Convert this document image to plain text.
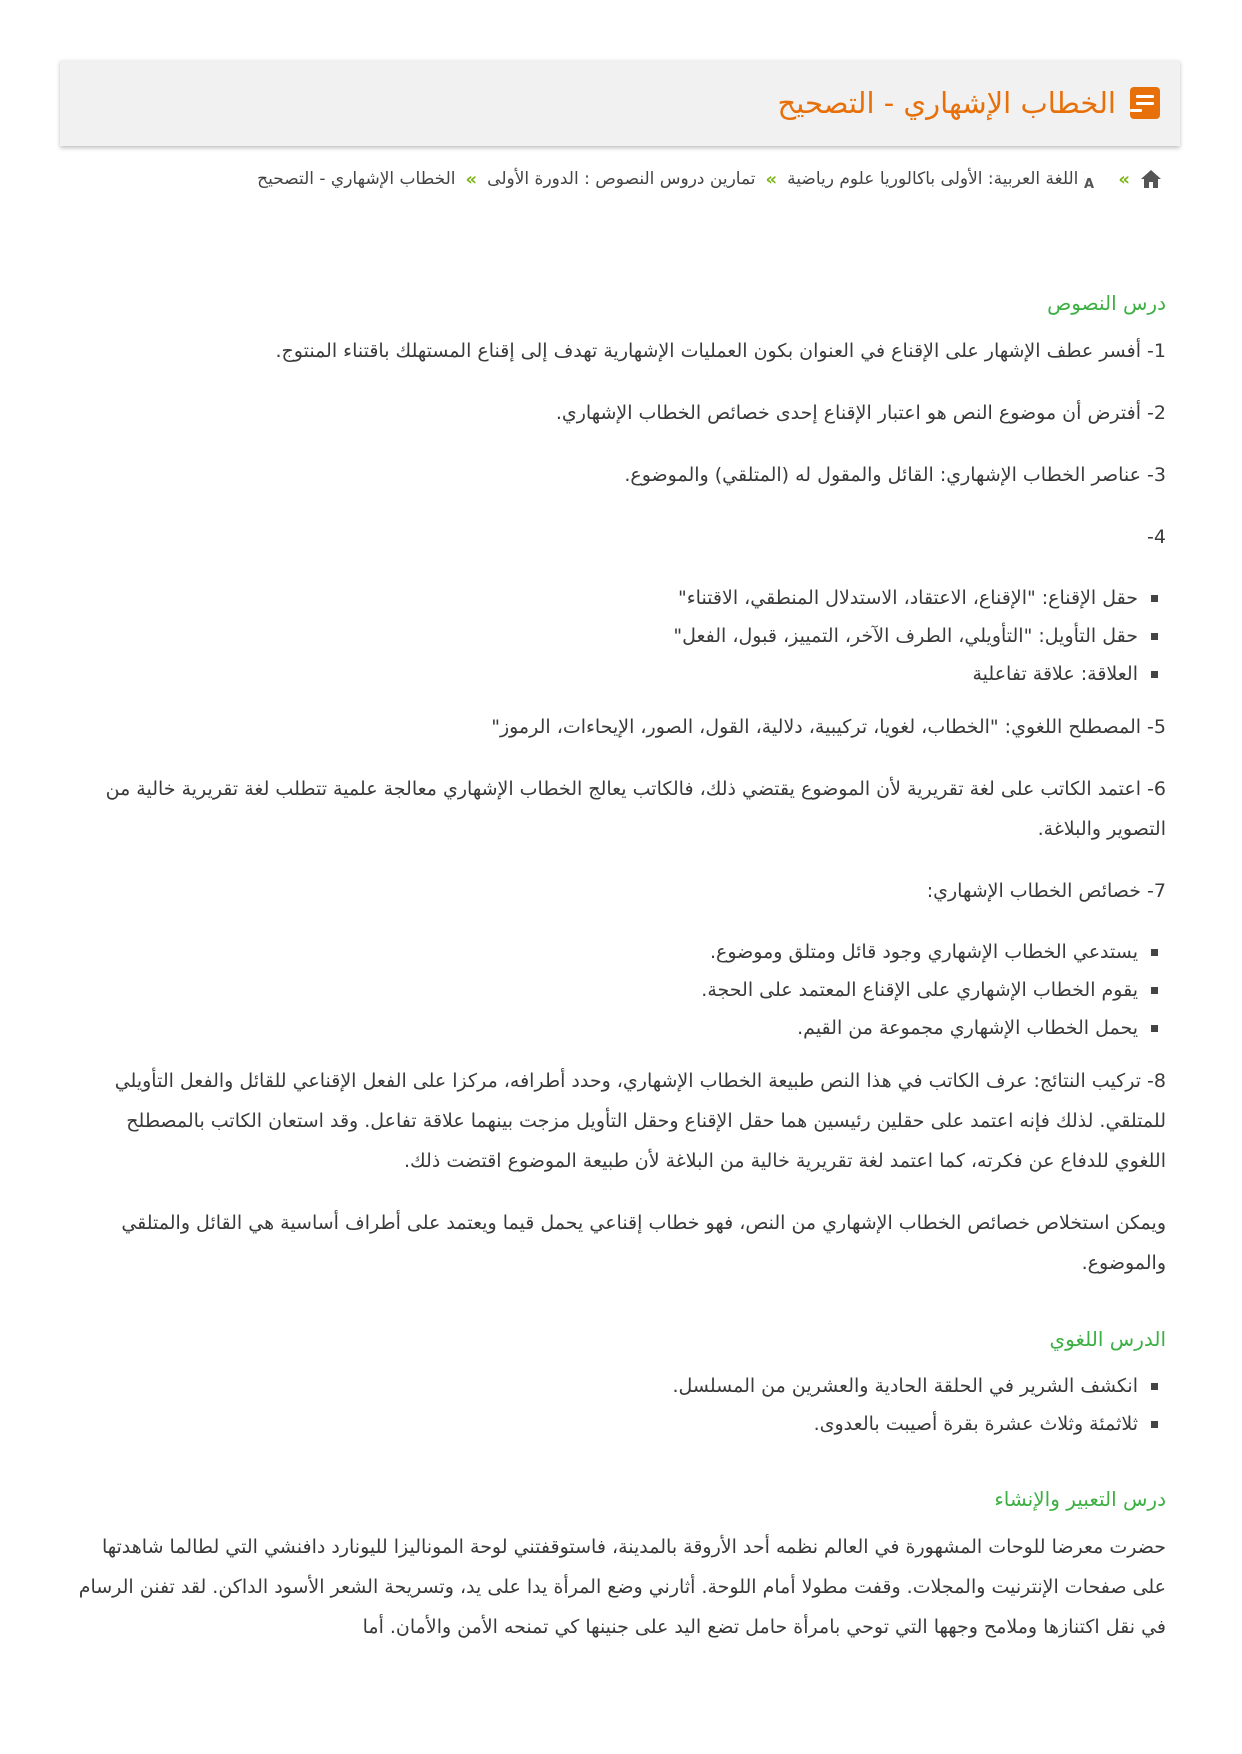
الخطاب الإشهاري - التصحيح
»
A
اللغة العربية: الأولى باكالوريا علوم رياضية
»
تمارين دروس النصوص : الدورة الأولى
»
الخطاب الإشهاري - التصحيح
درس النصوص

1- أفسر عطف الإشهار على الإقناع في العنوان بكون العمليات الإشهارية تهدف إلى إقناع المستهلك باقتناء المنتوج.

2- أفترض أن موضوع النص هو اعتبار الإقناع إحدى خصائص الخطاب الإشهاري.

3- عناصر الخطاب الإشهاري: القائل والمقول له (المتلقي) والموضوع.

4-

حقل الإقناع: "الإقناع، الاعتقاد، الاستدلال المنطقي، الاقتناء"
حقل التأويل: "التأويلي، الطرف الآخر، التمييز، قبول، الفعل"
العلاقة: علاقة تفاعلية

5- المصطلح اللغوي: "الخطاب، لغويا، تركيبية، دلالية، القول، الصور، الإيحاءات، الرموز"

6- اعتمد الكاتب على لغة تقريرية لأن الموضوع يقتضي ذلك، فالكاتب يعالج الخطاب الإشهاري معالجة علمية تتطلب لغة تقريرية خالية من التصوير والبلاغة.

7- خصائص الخطاب الإشهاري:

يستدعي الخطاب الإشهاري وجود قائل ومتلق وموضوع.
يقوم الخطاب الإشهاري على الإقناع المعتمد على الحجة.
يحمل الخطاب الإشهاري مجموعة من القيم.

8- تركيب النتائج: عرف الكاتب في هذا النص طبيعة الخطاب الإشهاري، وحدد أطرافه، مركزا على الفعل الإقناعي للقائل والفعل التأويلي للمتلقي. لذلك فإنه اعتمد على حقلين رئيسين هما حقل الإقناع وحقل التأويل مزجت بينهما علاقة تفاعل. وقد استعان الكاتب بالمصطلح اللغوي للدفاع عن فكرته، كما اعتمد لغة تقريرية خالية من البلاغة لأن طبيعة الموضوع اقتضت ذلك.

ويمكن استخلاص خصائص الخطاب الإشهاري من النص، فهو خطاب إقناعي يحمل قيما ويعتمد على أطراف أساسية هي القائل والمتلقي والموضوع.

الدرس اللغوي
انكشف الشرير في الحلقة الحادية والعشرين من المسلسل.
ثلاثمئة وثلاث عشرة بقرة أصيبت بالعدوى.
درس التعبير والإنشاء

حضرت معرضا للوحات المشهورة في العالم نظمه أحد الأروقة بالمدينة، فاستوقفتني لوحة الموناليزا لليونارد دافنشي التي لطالما شاهدتها على صفحات الإنترنيت والمجلات. وقفت مطولا أمام اللوحة. أثارني وضع المرأة يدا على يد، وتسريحة الشعر الأسود الداكن. لقد تفنن الرسام في نقل اكتنازها وملامح وجهها التي توحي بامرأة حامل تضع اليد على جنينها كي تمنحه الأمن والأمان. أما
